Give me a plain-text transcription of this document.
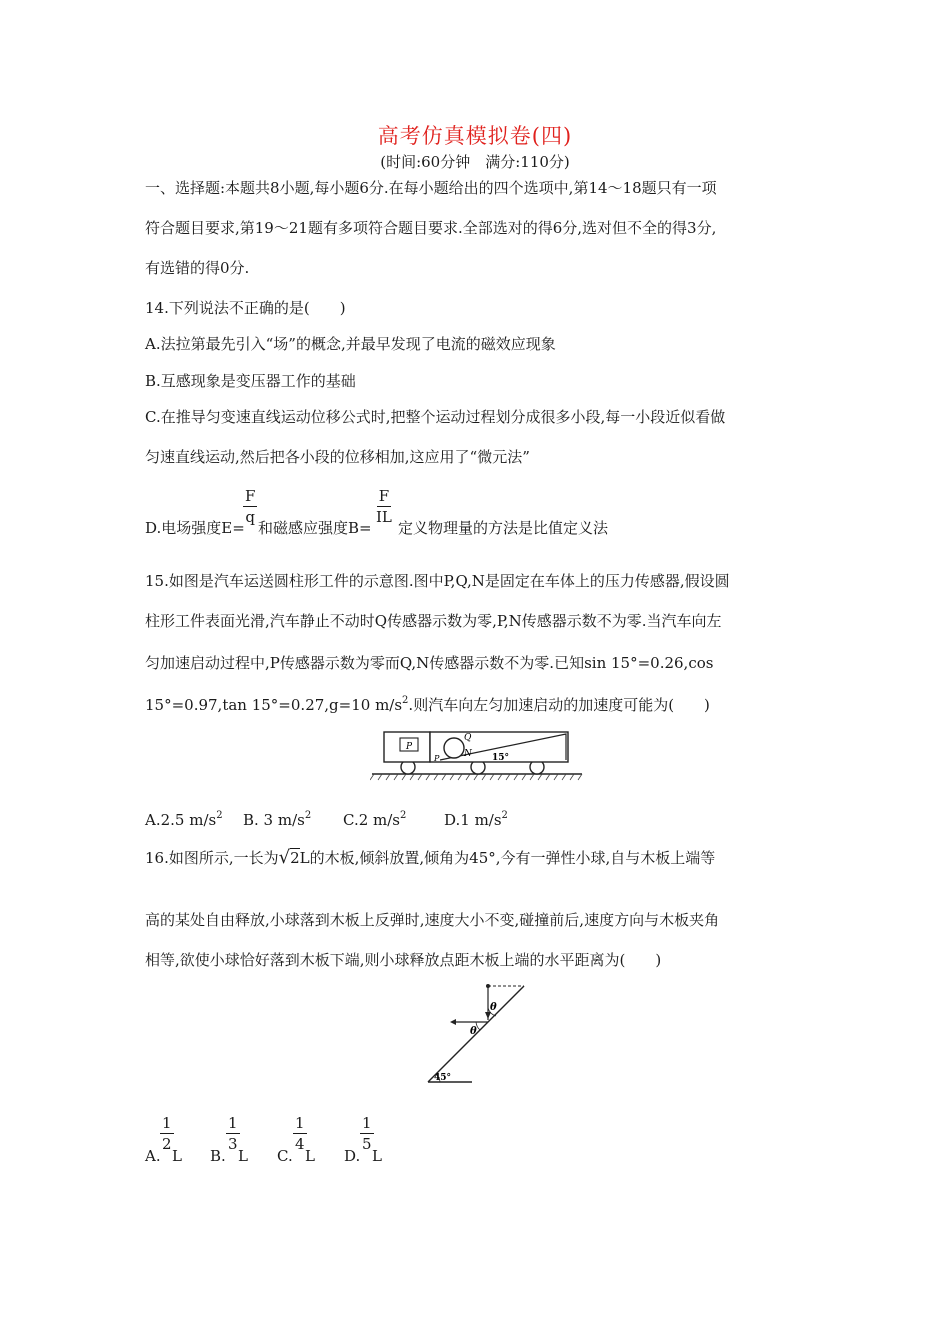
高考仿真模拟卷(四)
(时间:60分钟　满分:110分)
一、选择题:本题共8小题,每小题6分.在每小题给出的四个选项中,第14～18题只有一项
符合题目要求,第19～21题有多项符合题目要求.全部选对的得6分,选对但不全的得3分,
有选错的得0分.
14.下列说法不正确的是(　　)
A.法拉第最先引入“场”的概念,并最早发现了电流的磁效应现象
B.互感现象是变压器工作的基础
C.在推导匀变速直线运动位移公式时,把整个运动过程划分成很多小段,每一小段近似看做
匀速直线运动,然后把各小段的位移相加,这应用了“微元法”
D.电场强度E=
$\frac{F}{q}$
和磁感应强度B=
$\frac{F}{IL}$
定义物理量的方法是比值定义法
15.如图是汽车运送圆柱形工件的示意图.图中P,Q,N是固定在车体上的压力传感器,假设圆
柱形工件表面光滑,汽车静止不动时Q传感器示数为零,P,N传感器示数不为零.当汽车向左
匀加速启动过程中,P传感器示数为零而Q,N传感器示数不为零.已知sin 15°=0.26,cos
15°=0.97,tan 15°=0.27,g=10 $m/s^2$.则汽车向左匀加速启动的加速度可能为(　　)
P
Q
N
P	15°
A.2.5 $m/s^2$ B. 3 $m/s^2$ C.2 $m/s^2$	D.1 $m/s^2$
16.如图所示,一长为√2L的木板,倾斜放置,倾角为45°,今有一弹性小球,自与木板上端等
高的某处自由释放,小球落到木板上反弹时,速度大小不变,碰撞前后,速度方向与木板夹角
相等,欲使小球恰好落到木板下端,则小球释放点距木板上端的水平距离为(　　)
θ
θ
45°
A.
$\frac{1}{2}$
L B.
$\frac{1}{3}$
L C.
$\frac{1}{4}$
L D.
$\frac{1}{5}$
L
